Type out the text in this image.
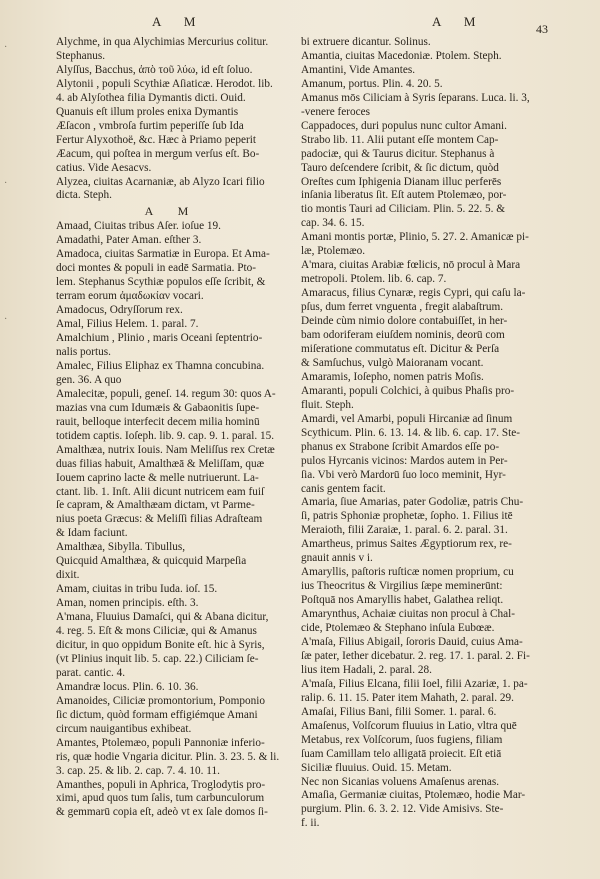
A M	A M	43
·
·
·
Alychme, in qua Alychimias Mercurius colitur.
Stephanus.
Alyſſus, Bacchus, ἀπὸ τοῦ λύω, id eſt ſoluo.
Alytonii , populi Scythiæ Aſiaticæ. Herodot. lib.
4. ab Alyſothea filia Dymantis dicti. Ouid.
Quanuis eſt illum proles enixa Dymantis
Æſacon , vmbroſa furtim peperiſſe ſub Ida
Fertur Alyxothoë, &c. Hæc à Priamo peperit
Æacum, qui poſtea in mergum verſus eſt. Bo-
catius. Vide Aesacvs.
Alyzea, ciuitas Acarnaniæ, ab Alyzo Icari filio
dicta. Steph.
A M
Amaad, Ciuitas tribus Aſer. ioſue 19.
Amadathi, Pater Aman. eſther 3.
Amadoca, ciuitas Sarmatiæ in Europa. Et Ama-
doci montes & populi in eadē Sarmatia. Pto-
lem. Stephanus Scythiæ populos eſſe ſcribit, &
terram eorum ἀμαδωκίαν vocari.
Amadocus, Odryſſorum rex.
Amal, Filius Helem. 1. paral. 7.
Amalchium , Plinio , maris Oceani ſeptentrio-
nalis portus.
Amalec, Filius Eliphaz ex Thamna concubina.
gen. 36. A quo
Amalecitæ, populi, geneſ. 14. regum 30: quos A-
mazias vna cum Idumæis & Gabaonitis ſupe-
rauit, belloque interfecit decem milia hominū
totidem captis. Ioſeph. lib. 9. cap. 9. 1. paral. 15.
Amalthæa, nutrix Iouis. Nam Meliſſus rex Cretæ
duas filias habuit, Amalthæā & Meliſſam, quæ
Iouem caprino lacte & melle nutriuerunt. La-
ctant. lib. 1. Inſt. Alii dicunt nutricem eam fuiſ
ſe capram, & Amalthæam dictam, vt Parme-
nius poeta Græcus: & Meliſſi filias Adraſteam
& Idam faciunt.
Amalthæa, Sibylla. Tibullus,
Quicquid Amalthæa, & quicquid Marpeſia
dixit.
Amam, ciuitas in tribu Iuda. ioſ. 15.
Aman, nomen principis. eſth. 3.
A'mana, Fluuius Damaſci, qui & Abana dicitur,
4. reg. 5. Eſt & mons Ciliciæ, qui & Amanus
dicitur, in quo oppidum Bonite eſt. hic à Syris,
(vt Plinius inquit lib. 5. cap. 22.) Ciliciam ſe-
parat. cantic. 4.
Amandræ locus. Plin. 6. 10. 36.
Amanoides, Ciliciæ promontorium, Pomponio
ſic dictum, quòd formam effigiémque Amani
circum nauigantibus exhibeat.
Amantes, Ptolemæo, populi Pannoniæ inferio-
ris, quæ hodie Vngaria dicitur. Plin. 3. 23. 5. & li.
3. cap. 25. & lib. 2. cap. 7. 4. 10. 11.
Amanthes, populi in Aphrica, Troglodytis pro-
ximi, apud quos tum ſalis, tum carbunculorum
& gemmarū copia eſt, adeò vt ex ſale domos ſi-
bi extruere dicantur. Solinus.
Amantia, ciuitas Macedoniæ. Ptolem. Steph.
Amantini, Vide Amantes.
Amanum, portus. Plin. 4. 20. 5.
Amanus mōs Ciliciam à Syris ſeparans. Luca. li. 3,
-venere feroces
Cappadoces, duri populus nunc cultor Amani.
Strabo lib. 11. Alii putant eſſe montem Cap-
padociæ, qui & Taurus dicitur. Stephanus à
Tauro deſcendere ſcribit, & ſic dictum, quòd
Oreſtes cum Iphigenia Dianam illuc perferēs
inſania liberatus ſit. Eſt autem Ptolemæo, por-
tio montis Tauri ad Ciliciam. Plin. 5. 22. 5. &
cap. 34. 6. 15.
Amani montis portæ, Plinio, 5. 27. 2. Amanicæ pi-
læ, Ptolemæo.
A'mara, ciuitas Arabiæ fœlicis, nō procul à Mara
metropoli. Ptolem. lib. 6. cap. 7.
Amaracus, filius Cynaræ, regis Cypri, qui caſu la-
pſus, dum ferret vnguenta , fregit alabaſtrum.
Deinde cùm nimio dolore contabuiſſet, in her-
bam odoriferam eiuſdem nominis, deorū com
miſeratione commutatus eſt. Dicitur & Perſa
& Samſuchus, vulgò Maioranam vocant.
Amaramis, Ioſepho, nomen patris Moſis.
Amaranti, populi Colchici, à quibus Phaſis pro-
fluit. Steph.
Amardi, vel Amarbi, populi Hircaniæ ad ſinum
Scythicum. Plin. 6. 13. 14. & lib. 6. cap. 17. Ste-
phanus ex Strabone ſcribit Amardos eſſe po-
pulos Hyrcanis vicinos: Mardos autem in Per-
ſia. Vbi verò Mardorū ſuo loco meminit, Hyr-
canis gentem facit.
Amaria, ſiue Amarias, pater Godoliæ, patris Chu-
ſi, patris Sphoniæ prophetæ, ſopho. 1. Filius itē
Meraioth, filii Zaraiæ, 1. paral. 6. 2. paral. 31.
Amartheus, primus Saites Ægyptiorum rex, re-
gnauit annis v i.
Amaryllis, paſtoris ruſticæ nomen proprium, cu
ius Theocritus & Virgilius ſæpe meminerūnt:
Poſtquā nos Amaryllis habet, Galathea reliqt.
Amarynthus, Achaiæ ciuitas non procul à Chal-
cide, Ptolemæo & Stephano inſula Eubœæ.
A'maſa, Filius Abigail, ſororis Dauid, cuius Ama-
ſæ pater, Iether dicebatur. 2. reg. 17. 1. paral. 2. Fi-
lius item Hadali, 2. paral. 28.
A'maſa, Filius Elcana, filii Ioel, filii Azariæ, 1. pa-
ralip. 6. 11. 15. Pater item Mahath, 2. paral. 29.
Amaſai, Filius Bani, filii Somer. 1. paral. 6.
Amaſenus, Volſcorum fluuius in Latio, vltra quē
Metabus, rex Volſcorum, ſuos fugiens, filiam
ſuam Camillam telo alligatā proiecit. Eſt etiā
Siciliæ fluuius. Ouid. 15. Metam.
Nec non Sicanias voluens Amaſenus arenas.
Amaſia, Germaniæ ciuitas, Ptolemæo, hodie Mar-
purgium. Plin. 6. 3. 2. 12. Vide Amisivs. Ste-
f. ii.
